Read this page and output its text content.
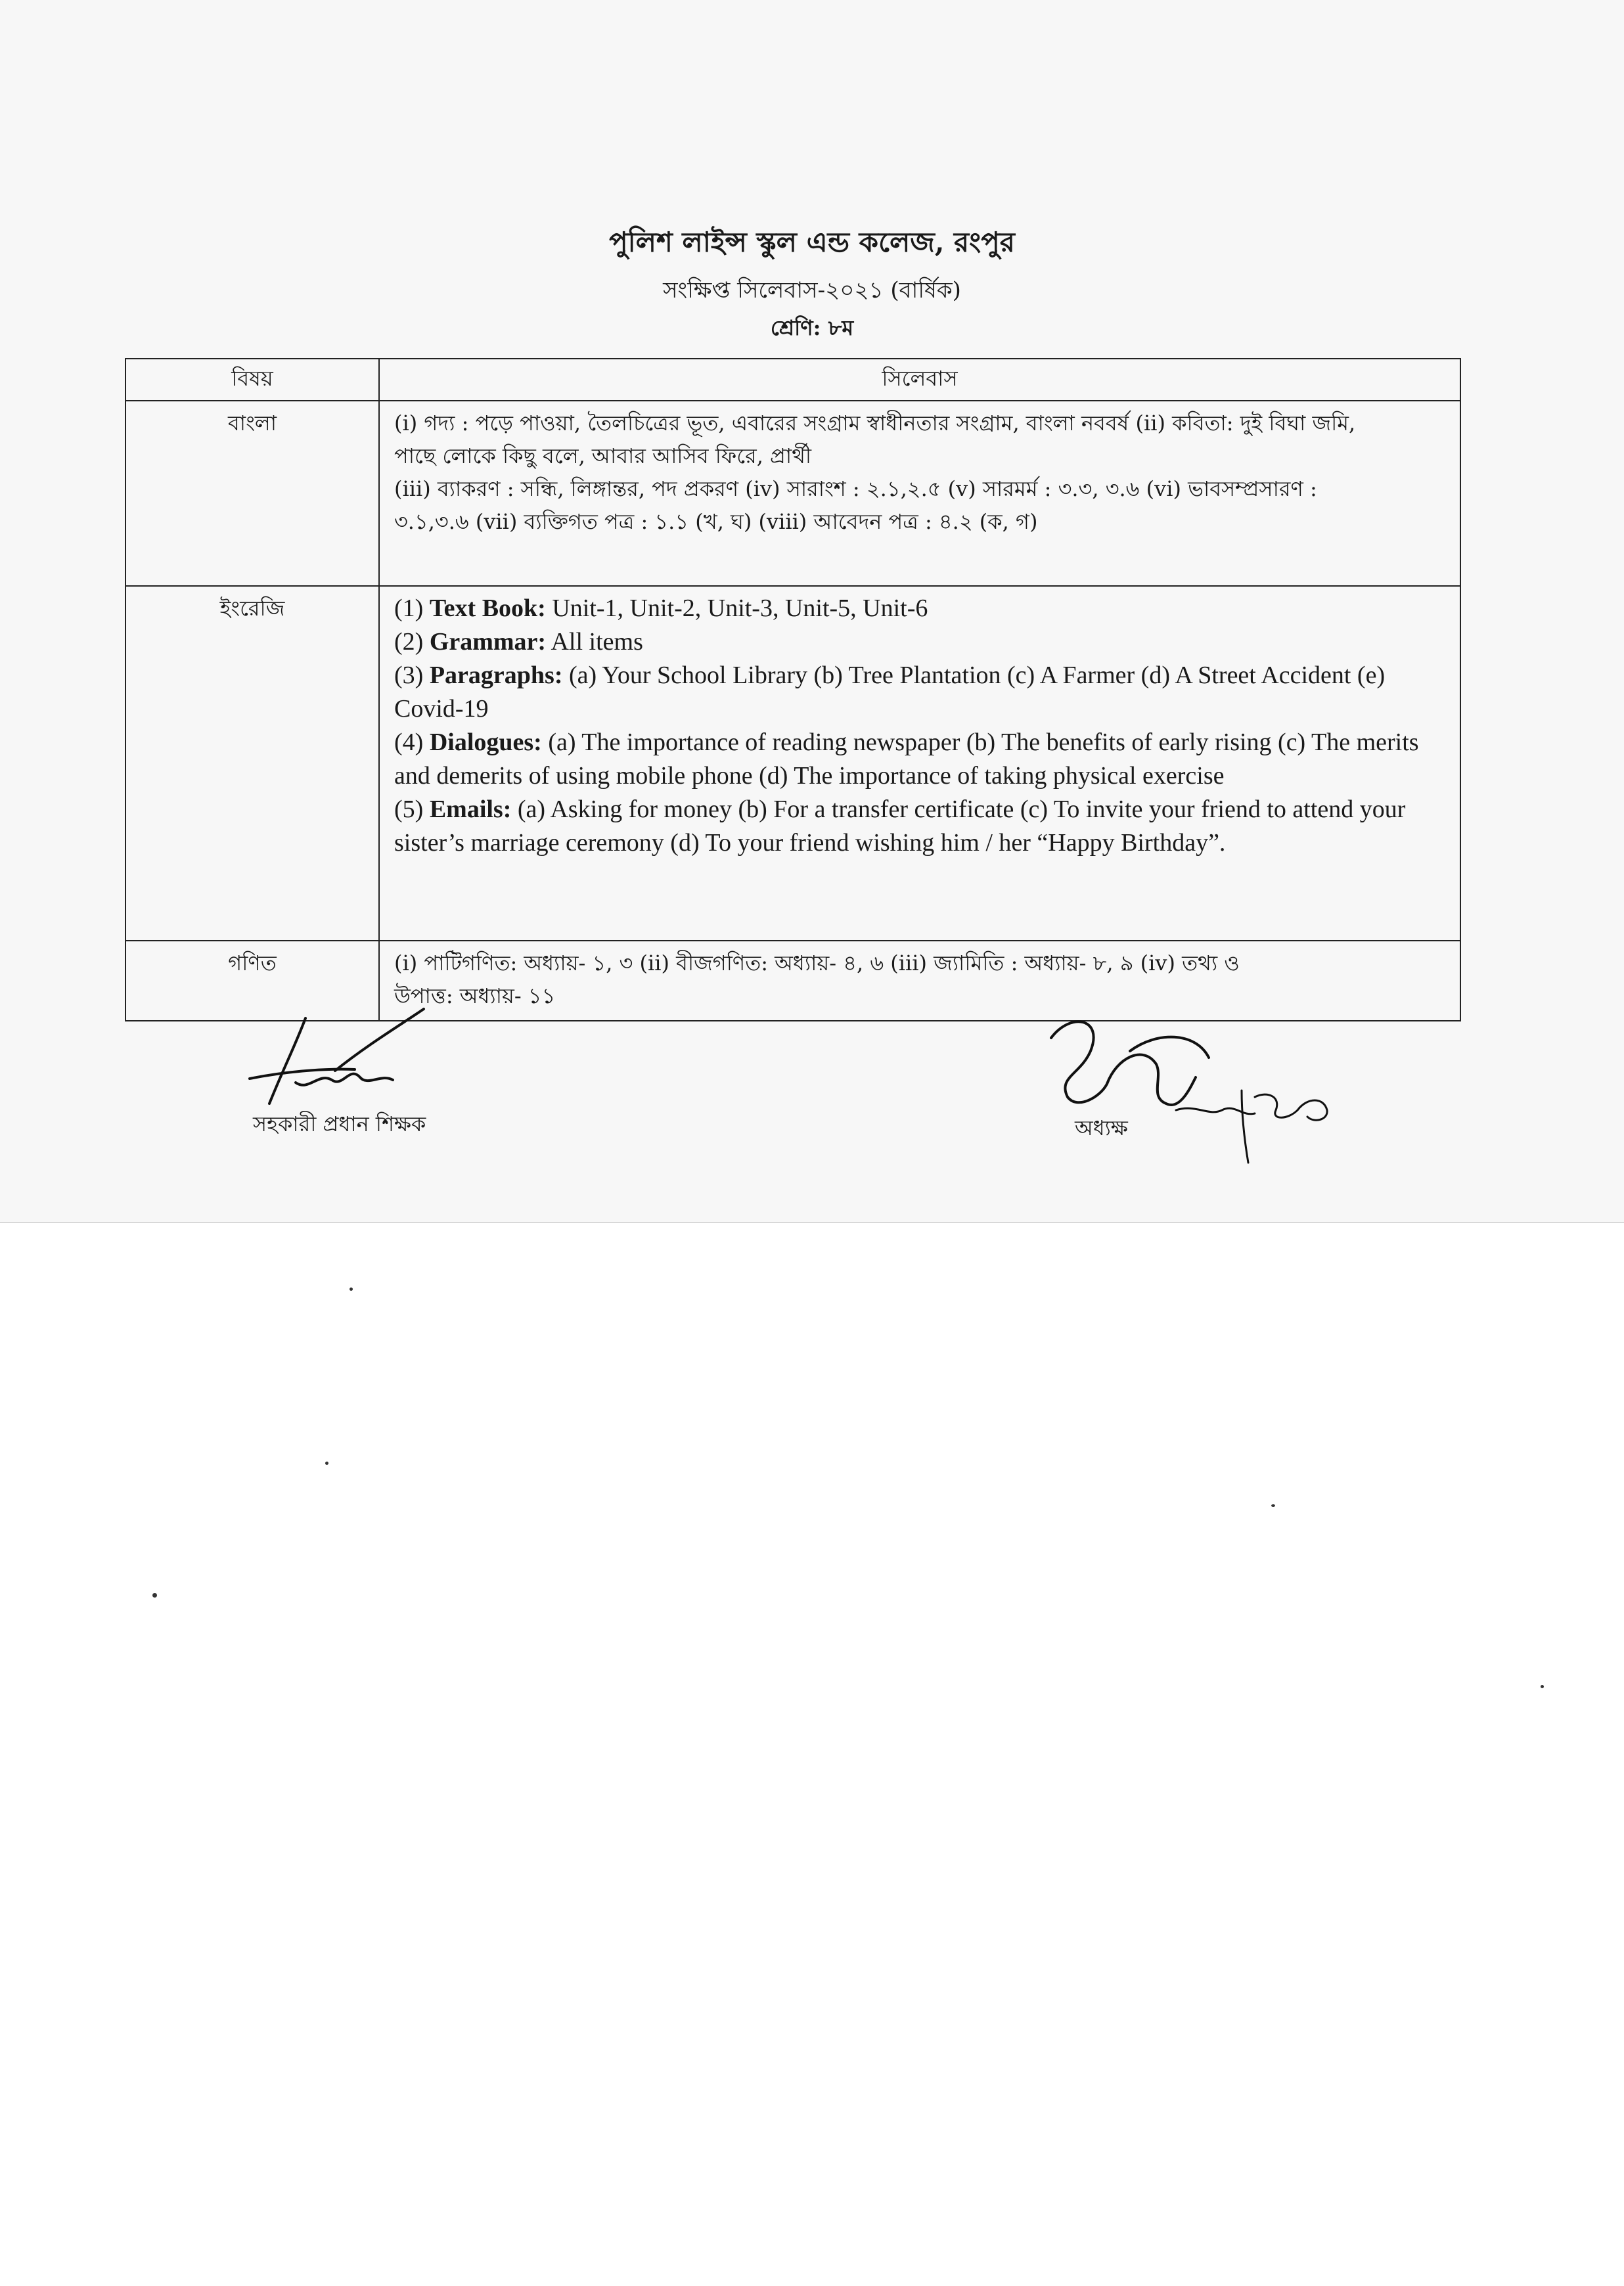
পুলিশ লাইন্স স্কুল এন্ড কলেজ, রংপুর
সংক্ষিপ্ত সিলেবাস-২০২১ (বার্ষিক)
শ্রেণি: ৮ম
বিষয়	সিলেবাস
বাংলা	(i) গদ্য : পড়ে পাওয়া, তৈলচিত্রের ভূত, এবারের সংগ্রাম স্বাধীনতার সংগ্রাম, বাংলা নববর্ষ (ii) কবিতা: দুই বিঘা জমি,
পাছে লোকে কিছু বলে, আবার আসিব ফিরে, প্রার্থী
(iii) ব্যাকরণ : সন্ধি, লিঙ্গান্তর, পদ প্রকরণ (iv) সারাংশ : ২.১,২.৫ (v) সারমর্ম : ৩.৩, ৩.৬ (vi) ভাবসম্প্রসারণ :
৩.১,৩.৬ (vii) ব্যক্তিগত পত্র : ১.১ (খ, ঘ) (viii) আবেদন পত্র : ৪.২ (ক, গ)

ইংরেজি	(1) Text Book: Unit-1, Unit-2, Unit-3, Unit-5, Unit-6
(2) Grammar: All items
(3) Paragraphs: (a) Your School Library (b) Tree Plantation (c) A Farmer (d) A Street Accident (e) Covid-19
(4) Dialogues: (a) The importance of reading newspaper (b) The benefits of early rising (c) The merits and demerits of using mobile phone (d) The importance of taking physical exercise
(5) Emails: (a) Asking for money (b) For a transfer certificate (c) To invite your friend to attend your sister’s marriage ceremony (d) To your friend wishing him / her “Happy Birthday”.

গণিত	(i) পাটিগণিত: অধ্যায়- ১, ৩ (ii) বীজগণিত: অধ্যায়- ৪, ৬ (iii) জ্যামিতি : অধ্যায়- ৮, ৯ (iv) তথ্য ও
উপাত্ত: অধ্যায়- ১১
সহকারী প্রধান শিক্ষক	অধ্যক্ষ
